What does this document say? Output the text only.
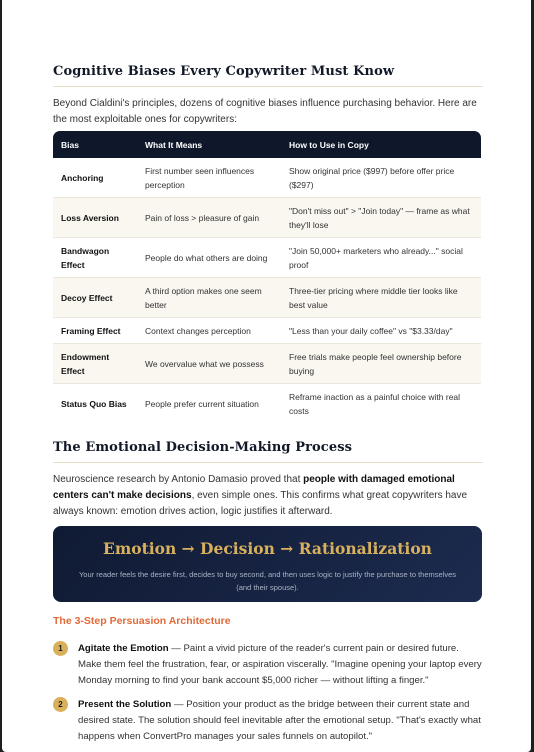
Cognitive Biases Every Copywriter Must Know

Beyond Cialdini's principles, dozens of cognitive biases influence purchasing behavior. Here are the most exploitable ones for copywriters:

Bias	What It Means	How to Use in Copy
Anchoring	First number seen influences perception	Show original price ($997) before offer price ($297)
Loss Aversion	Pain of loss > pleasure of gain	"Don't miss out" > "Join today" — frame as what they'll lose
Bandwagon Effect	People do what others are doing	"Join 50,000+ marketers who already..." social proof
Decoy Effect	A third option makes one seem better	Three-tier pricing where middle tier looks like best value
Framing Effect	Context changes perception	"Less than your daily coffee" vs "$3.33/day"
Endowment Effect	We overvalue what we possess	Free trials make people feel ownership before buying
Status Quo Bias	People prefer current situation	Reframe inaction as a painful choice with real costs
The Emotional Decision-Making Process

Neuroscience research by Antonio Damasio proved that people with damaged emotional centers can't make decisions, even simple ones. This confirms what great copywriters have always known: emotion drives action, logic justifies it afterward.

Emotion → Decision → Rationalization
Your reader feels the desire first, decides to buy second, and then uses logic to justify the purchase to themselves (and their spouse).
The 3-Step Persuasion Architecture
1	Agitate the Emotion — Paint a vivid picture of the reader's current pain or desired future. Make them feel the frustration, fear, or aspiration viscerally. "Imagine opening your laptop every Monday morning to find your bank account $5,000 richer — without lifting a finger."

2	Present the Solution — Position your product as the bridge between their current state and desired state. The solution should feel inevitable after the emotional setup. "That's exactly what happens when ConvertPro manages your sales funnels on autopilot."
